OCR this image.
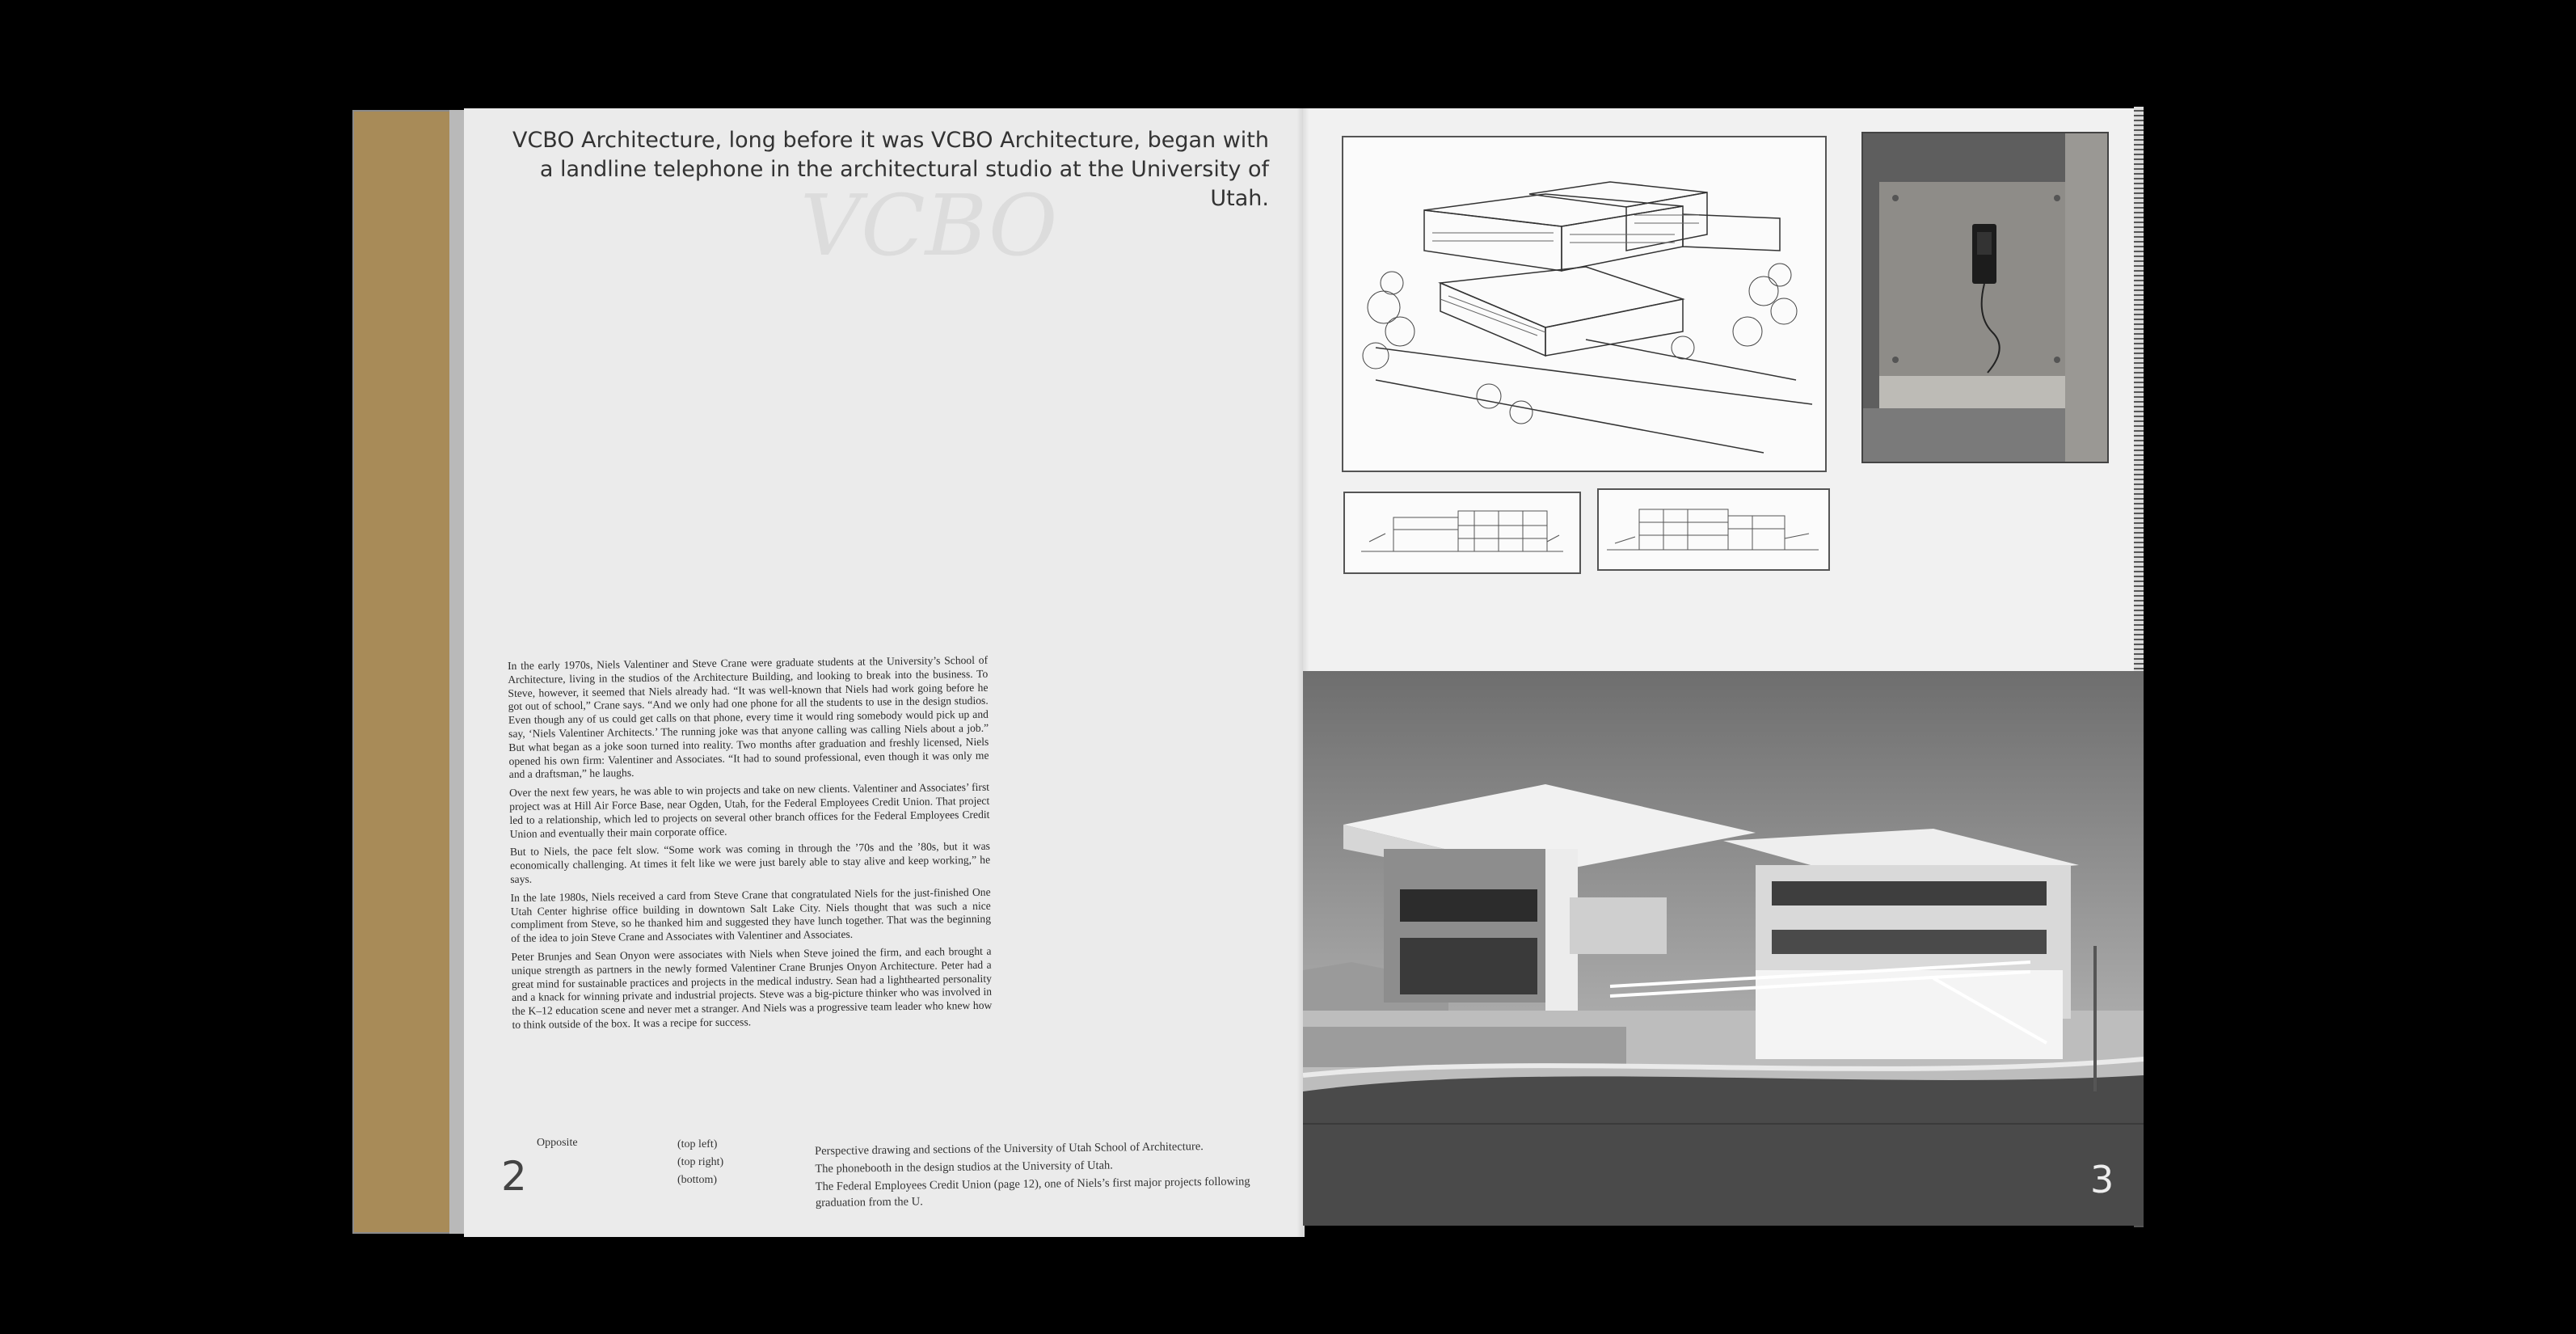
VCBO
VCBO Architecture, long before it was VCBO Architecture, began with
a landline telephone in the architectural studio at the University of Utah.

In the early 1970s, Niels Valentiner and Steve Crane were graduate students at the University’s School of Architecture, living in the studios of the Architecture Building, and looking to break into the business. To Steve, however, it seemed that Niels already had. “It was well-known that Niels had work going before he got out of school,” Crane says. “And we only had one phone for all the students to use in the design studios. Even though any of us could get calls on that phone, every time it would ring somebody would pick up and say, ‘Niels Valentiner Architects.’ The running joke was that anyone calling was calling Niels about a job.” But what began as a joke soon turned into reality. Two months after graduation and freshly licensed, Niels opened his own firm: Valentiner and Associates. “It had to sound professional, even though it was only me and a draftsman,” he laughs.

Over the next few years, he was able to win projects and take on new clients. Valentiner and Associates’ first project was at Hill Air Force Base, near Ogden, Utah, for the Federal Employees Credit Union. That project led to a relationship, which led to projects on several other branch offices for the Federal Employees Credit Union and eventually their main corporate office.

But to Niels, the pace felt slow. “Some work was coming in through the ’70s and the ’80s, but it was economically challenging. At times it felt like we were just barely able to stay alive and keep working,” he says.

In the late 1980s, Niels received a card from Steve Crane that congratulated Niels for the just-finished One Utah Center highrise office building in downtown Salt Lake City. Niels thought that was such a nice compliment from Steve, so he thanked him and suggested they have lunch together. That was the beginning of the idea to join Steve Crane and Associates with Valentiner and Associates.

Peter Brunjes and Sean Onyon were associates with Niels when Steve joined the firm, and each brought a unique strength as partners in the newly formed Valentiner Crane Brunjes Onyon Architecture. Peter had a great mind for sustainable practices and projects in the medical industry. Sean had a lighthearted personality and a knack for winning private and industrial projects. Steve was a big-picture thinker who was involved in the K–12 education scene and never met a stranger. And Niels was a progressive team leader who knew how to think outside of the box. It was a recipe for success.

2
Opposite	(top left)
(top right)
(bottom)
Perspective drawing and sections of the University of Utah School of Architecture.
The phonebooth in the design studios at the University of Utah.
The Federal Employees Credit Union (page 12), one of Niels’s first major projects following graduation from the U.
3
